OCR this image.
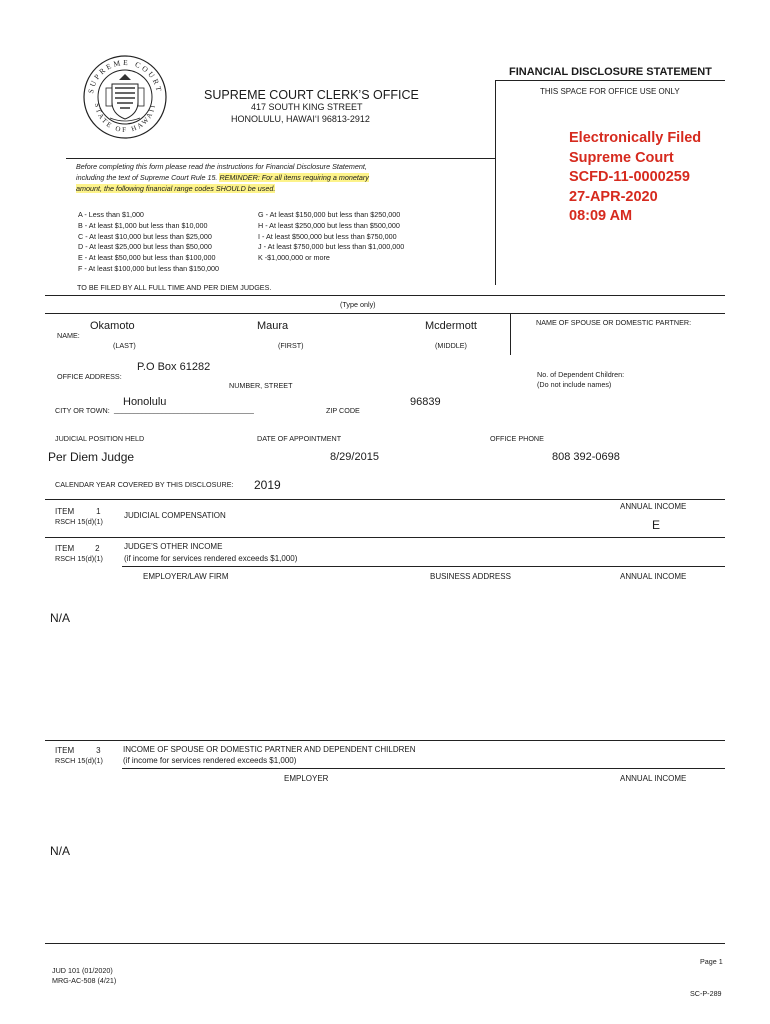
SUPREME COURT
STATE OF HAWAII
FINANCIAL DISCLOSURE STATEMENT
THIS SPACE FOR OFFICE USE ONLY
SUPREME COURT CLERK’S OFFICE
417 SOUTH KING STREET
HONOLULU, HAWAI‘I 96813-2912
Electronically Filed
Supreme Court
SCFD-11-0000259
27-APR-2020
08:09 AM
Before completing this form please read the instructions for Financial Disclosure Statement,
including the text of Supreme Court Rule 15. REMINDER: For all items requiring a monetary
amount, the following financial range codes SHOULD be used.
A - Less than $1,000
B - At least $1,000 but less than $10,000
C - At least $10,000 but less than $25,000
D - At least $25,000 but less than $50,000
E - At least $50,000 but less than $100,000
F - At least $100,000 but less than $150,000
G - At least $150,000 but less than $250,000
H - At least $250,000 but less than $500,000
I - At least $500,000 but less than $750,000
J - At least $750,000 but less than $1,000,000
K -$1,000,000 or more
TO BE FILED BY ALL FULL TIME AND PER DIEM JUDGES.
(Type only)
NAME:
Okamoto	Maura	Mcdermott
(LAST)	(FIRST)	(MIDDLE)
NAME OF SPOUSE OR DOMESTIC PARTNER:
OFFICE ADDRESS:
P.O Box 61282
NUMBER, STREET
No. of Dependent Children:
(Do not include names)
CITY OR TOWN:
Honolulu
___________________________________	ZIP CODE
96839
JUDICIAL POSITION HELD	DATE OF APPOINTMENT	OFFICE PHONE
Per Diem Judge	8/29/2015	808 392-0698
CALENDAR YEAR COVERED BY THIS DISCLOSURE: 2019
ITEM	1
RSCH 15(d)(1)
JUDICIAL COMPENSATION
ANNUAL INCOME
E
ITEM	2
RSCH 15(d)(1)
JUDGE'S OTHER INCOME
(if income for services rendered exceeds $1,000)
EMPLOYER/LAW FIRM	BUSINESS ADDRESS	ANNUAL INCOME
N/A
ITEM	3
RSCH 15(d)(1)
INCOME OF SPOUSE OR DOMESTIC PARTNER AND DEPENDENT CHILDREN
(if income for services rendered exceeds $1,000)
EMPLOYER	ANNUAL INCOME
N/A
JUD 101 (01/2020)
MRG-AC-508 (4/21)
Page 1
SC-P-289
